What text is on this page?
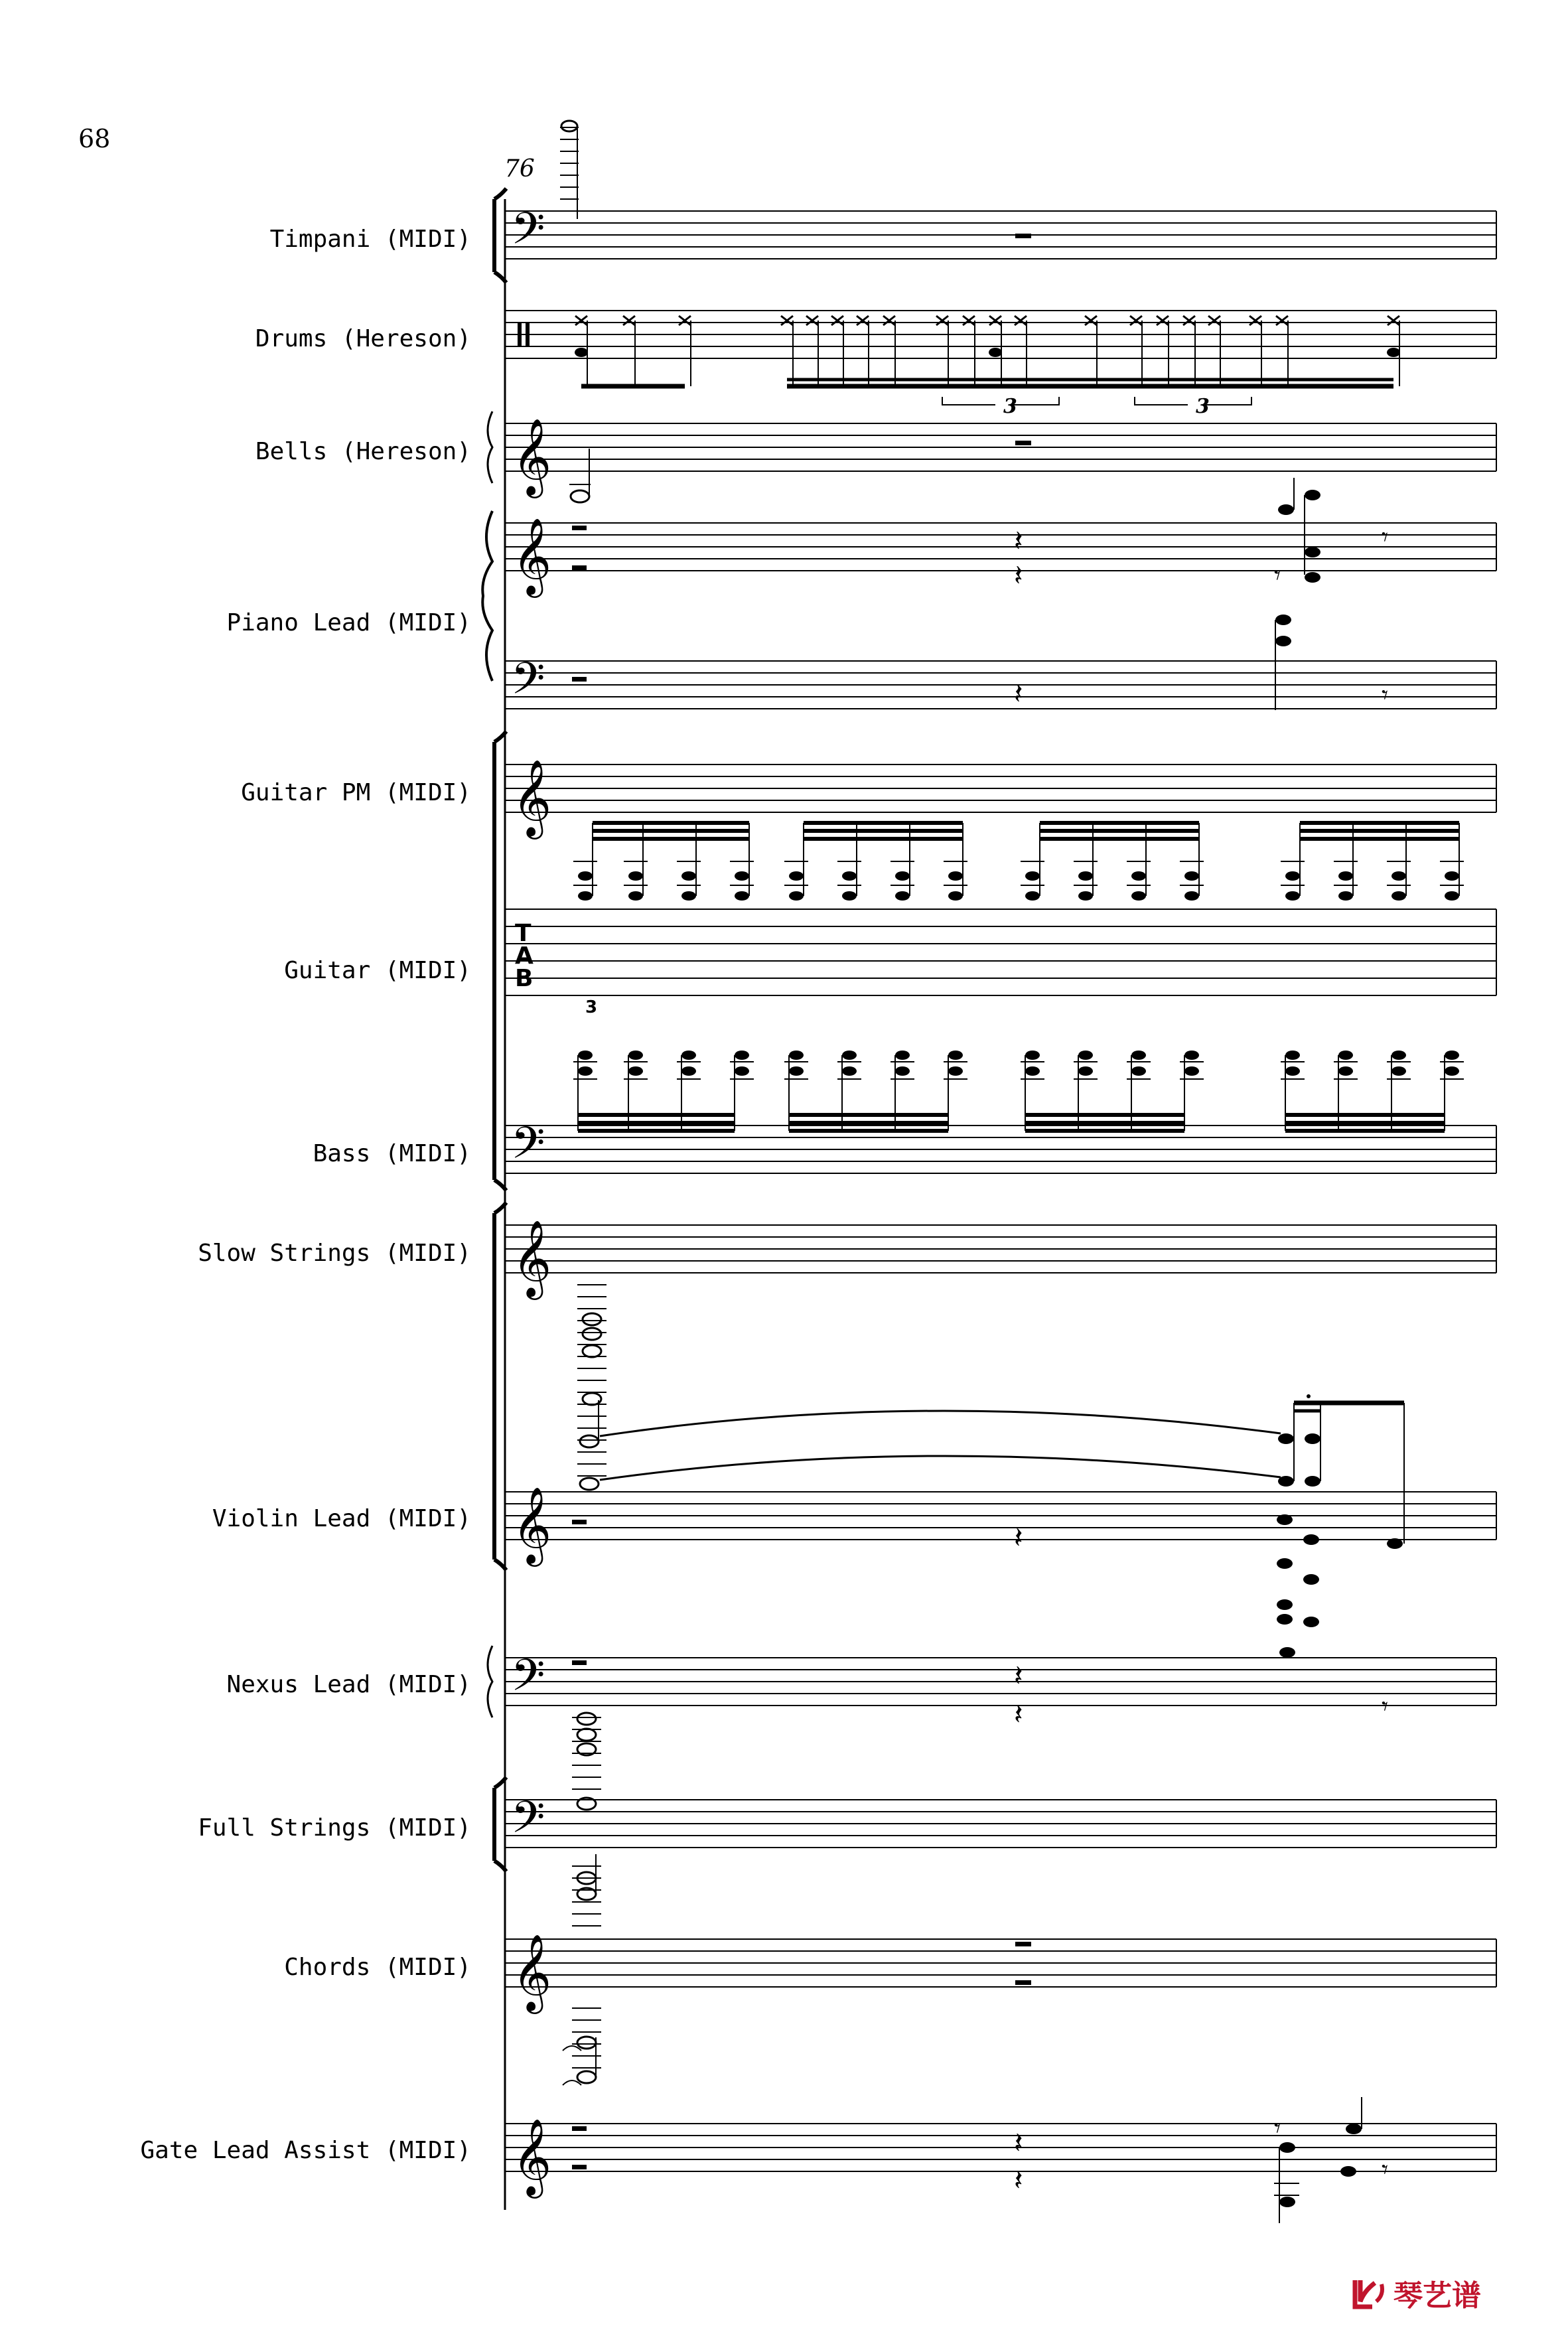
68
76
Timpani (MIDI) 𝄢
Drums (Hereson)
3	3
Bells (Hereson) 𝄞
Piano Lead (MIDI)
𝄞
𝄢
𝄽
𝄽
𝄽
𝄾
𝄾
𝄾
Guitar PM (MIDI) 𝄞
Guitar (MIDI)
T
A
B
3
Bass (MIDI) 𝄢
Slow Strings (MIDI) 𝄞
Violin Lead (MIDI) 𝄞	𝄽
Nexus Lead (MIDI) 𝄢	𝄽
𝄽	𝄾
Full Strings (MIDI) 𝄢
Chords (MIDI) 𝄞
Gate Lead Assist (MIDI) 𝄞	𝄽
𝄽
𝄾
𝄾
琴艺谱
